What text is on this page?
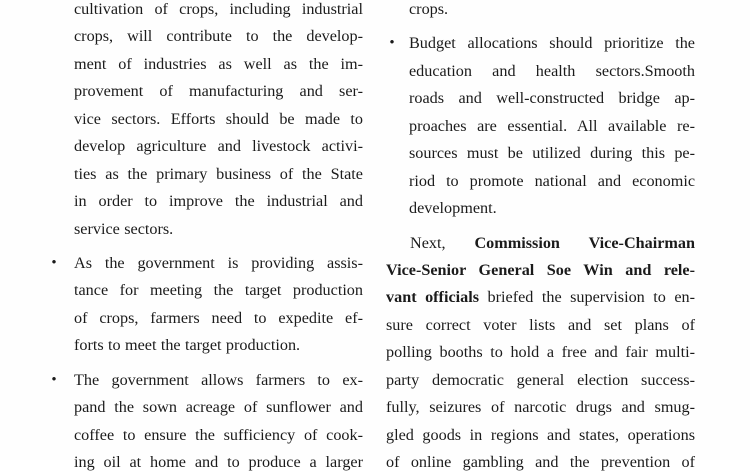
cultivation of crops, including industrial
crops, will contribute to the develop-
ment of industries as well as the im-
provement of manufacturing and ser-
vice sectors. Efforts should be made to
develop agriculture and livestock activi-
ties as the primary business of the State
in order to improve the industrial and
service sectors.
• As the government is providing assis-
tance for meeting the target production
of crops, farmers need to expedite ef-
forts to meet the target production.
• The government allows farmers to ex-
pand the sown acreage of sunflower and
coffee to ensure the sufficiency of cook-
ing oil at home and to produce a larger
crops.
• Budget allocations should prioritize the
education and health sectors.Smooth
roads and well-constructed bridge ap-
proaches are essential. All available re-
sources must be utilized during this pe-
riod to promote national and economic
development.
Next, Commission Vice-Chairman
Vice-Senior General Soe Win and rele-
vant officials briefed the supervision to en-
sure correct voter lists and set plans of
polling booths to hold a free and fair multi-
party democratic general election success-
fully, seizures of narcotic drugs and smug-
gled goods in regions and states, operations
of online gambling and the prevention of
